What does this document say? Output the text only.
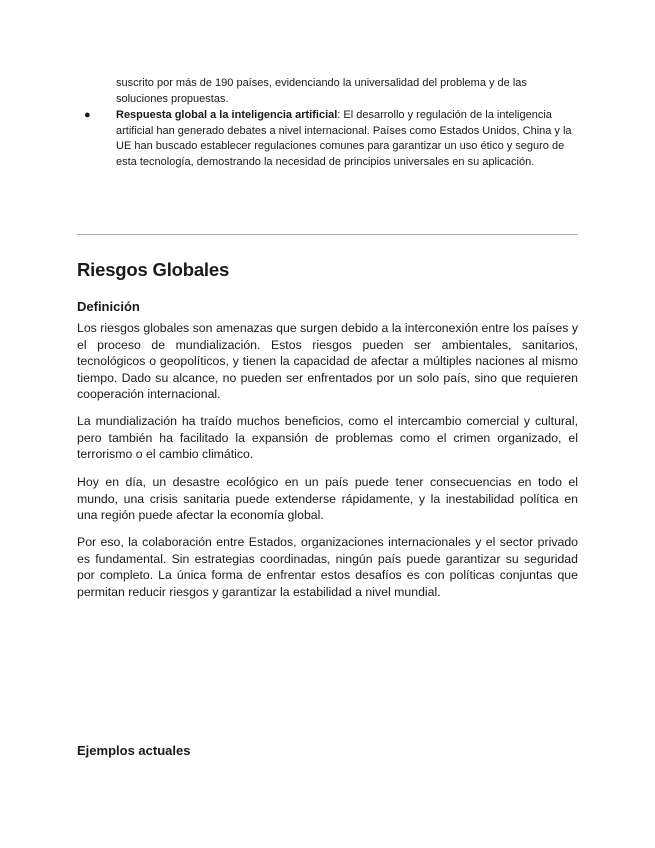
suscrito por más de 190 países, evidenciando la universalidad del problema y de las soluciones propuestas.

● Respuesta global a la inteligencia artificial: El desarrollo y regulación de la inteligencia artificial han generado debates a nivel internacional. Países como Estados Unidos, China y la UE han buscado establecer regulaciones comunes para garantizar un uso ético y seguro de esta tecnología, demostrando la necesidad de principios universales en su aplicación.
Riesgos Globales
Definición

Los riesgos globales son amenazas que surgen debido a la interconexión entre los países y el proceso de mundialización. Estos riesgos pueden ser ambientales, sanitarios, tecnológicos o geopolíticos, y tienen la capacidad de afectar a múltiples naciones al mismo tiempo. Dado su alcance, no pueden ser enfrentados por un solo país, sino que requieren cooperación internacional.

La mundialización ha traído muchos beneficios, como el intercambio comercial y cultural, pero también ha facilitado la expansión de problemas como el crimen organizado, el terrorismo o el cambio climático.

Hoy en día, un desastre ecológico en un país puede tener consecuencias en todo el mundo, una crisis sanitaria puede extenderse rápidamente, y la inestabilidad política en una región puede afectar la economía global.

Por eso, la colaboración entre Estados, organizaciones internacionales y el sector privado es fundamental. Sin estrategias coordinadas, ningún país puede garantizar su seguridad por completo. La única forma de enfrentar estos desafíos es con políticas conjuntas que permitan reducir riesgos y garantizar la estabilidad a nivel mundial.

Ejemplos actuales
